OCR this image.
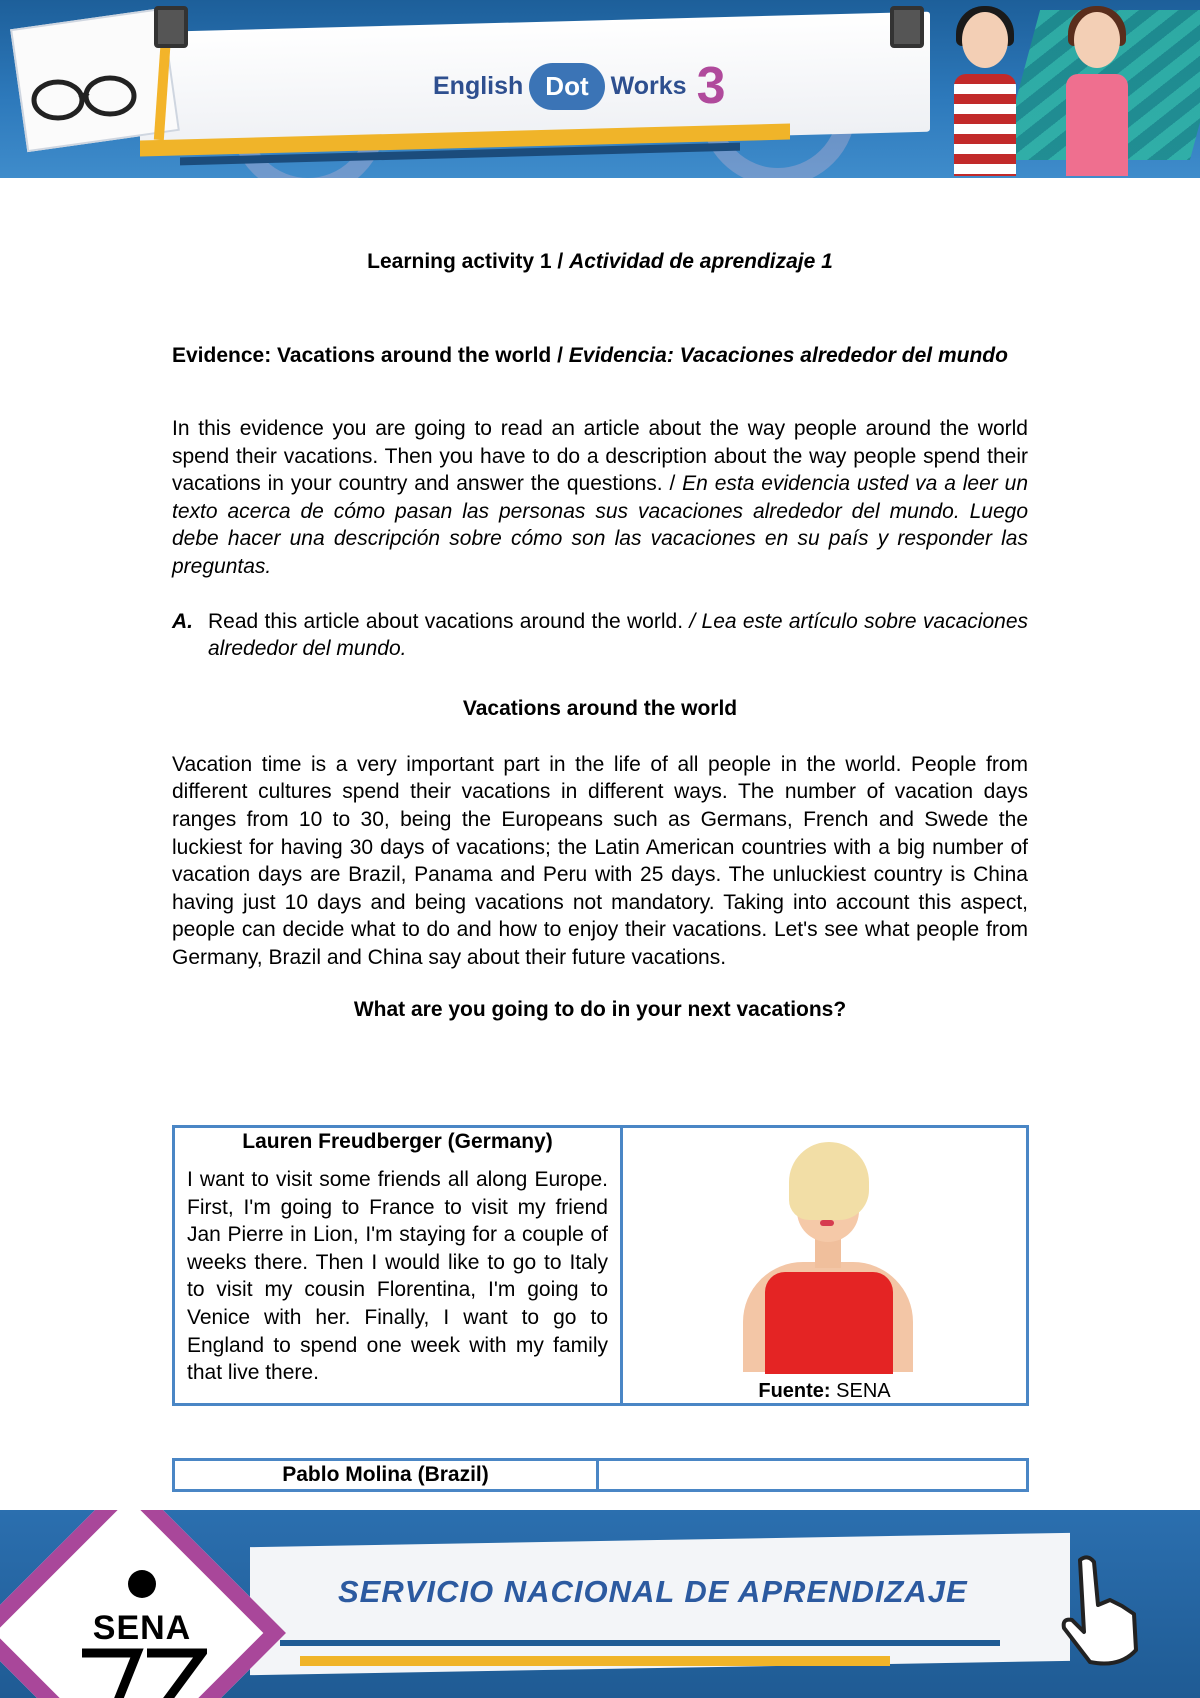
English Dot Works 3

Learning activity 1 / Actividad de aprendizaje 1

Evidence: Vacations around the world / Evidencia: Vacaciones alrededor del mundo

In this evidence you are going to read an article about the way people around the world spend their vacations. Then you have to do a description about the way people spend their vacations in your country and answer the questions. / En esta evidencia usted va a leer un texto acerca de cómo pasan las personas sus vacaciones alrededor del mundo. Luego debe hacer una descripción sobre cómo son las vacaciones en su país y responder las preguntas.

A. Read this article about vacations around the world. / Lea este artículo sobre vacaciones alrededor del mundo.

Vacations around the world

Vacation time is a very important part in the life of all people in the world. People from different cultures spend their vacations in different ways. The number of vacation days ranges from 10 to 30, being the Europeans such as Germans, French and Swede the luckiest for having 30 days of vacations; the Latin American countries with a big number of vacation days are Brazil, Panama and Peru with 25 days. The unluckiest country is China having just 10 days and being vacations not mandatory. Taking into account this aspect, people can decide what to do and how to enjoy their vacations. Let's see what people from Germany, Brazil and China say about their future vacations.

What are you going to do in your next vacations?

Lauren Freudberger (Germany)

I want to visit some friends all along Europe. First, I'm going to France to visit my friend Jan Pierre in Lion, I'm staying for a couple of weeks there. Then I would like to go to Italy to visit my cousin Florentina, I'm going to Venice with her. Finally, I want to go to England to spend one week with my family that live there.

Fuente: SENA

Pablo Molina (Brazil)	
SENA
SERVICIO NACIONAL DE APRENDIZAJE
